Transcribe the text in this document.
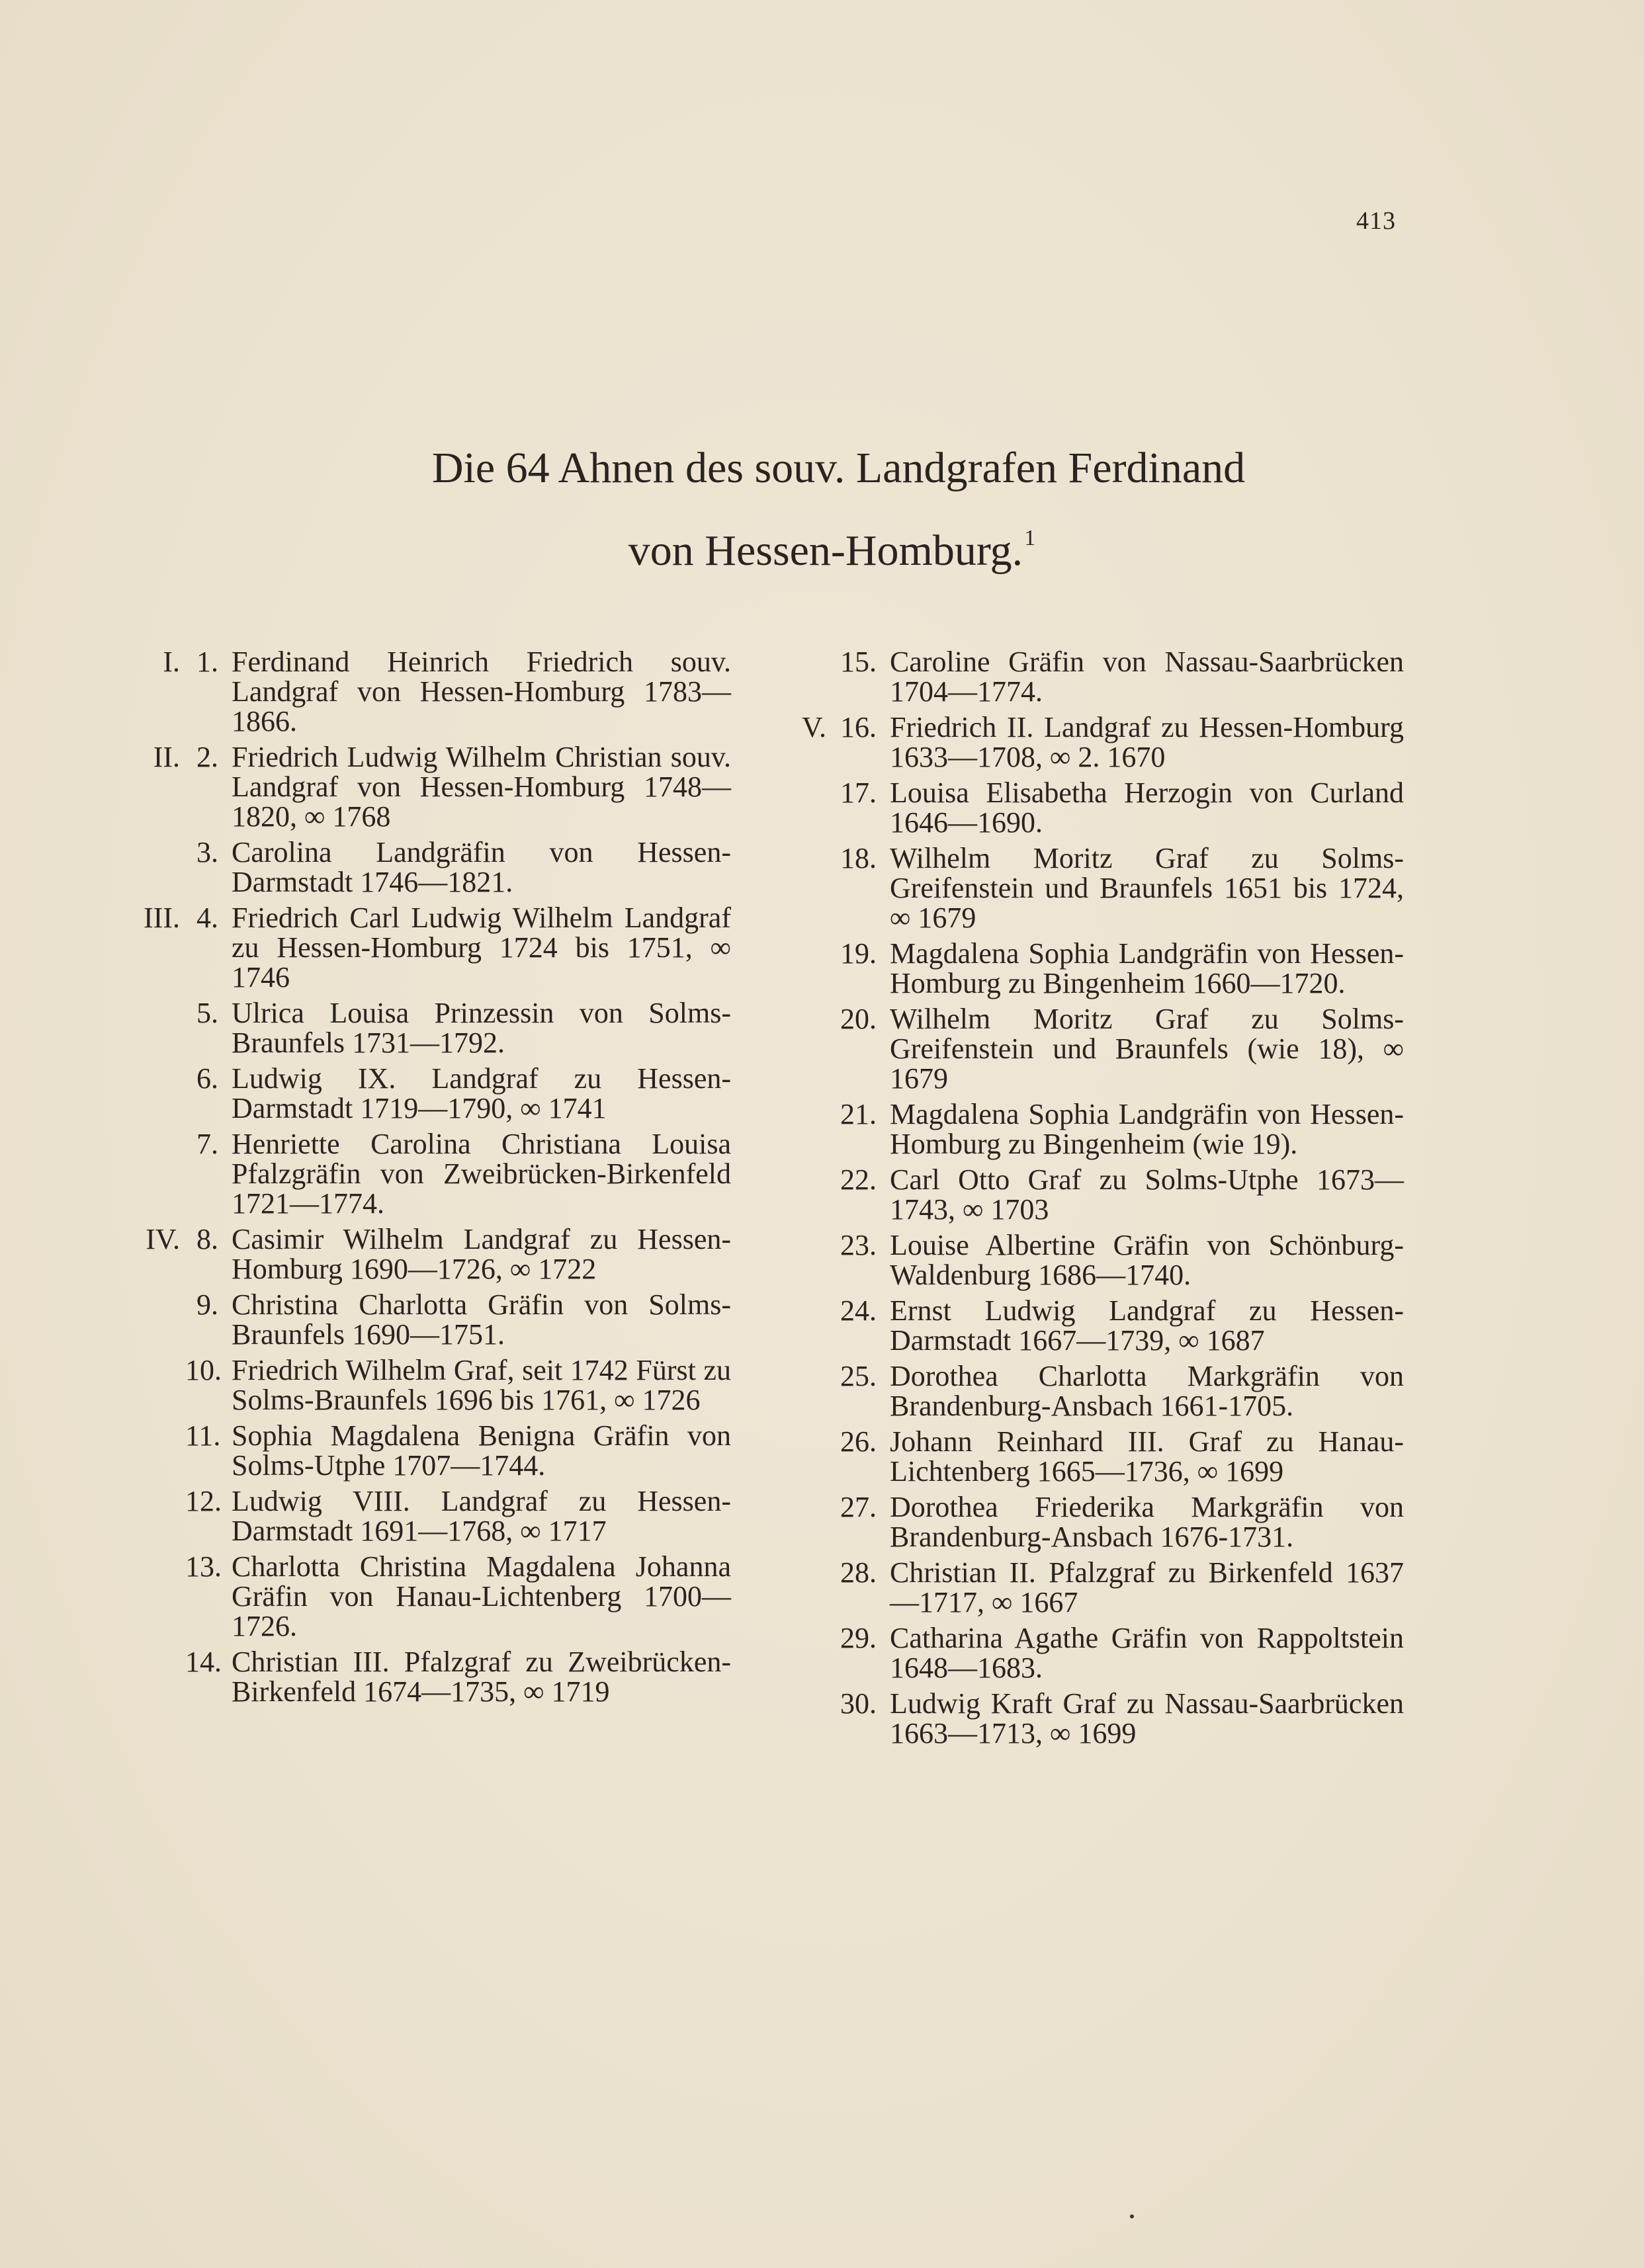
413
Die 64 Ahnen des souv. Landgrafen Ferdinand
von Hessen-Homburg.$^1$
I. 1. Ferdinand Heinrich Friedrich souv. Landgraf von Hessen-Homburg 1783—1866.
II. 2. Friedrich Ludwig Wilhelm Christian souv. Landgraf von Hessen-Homburg 1748—1820, ∞ 1768
3. Carolina Landgräfin von Hessen-Darmstadt 1746—1821.
III. 4. Friedrich Carl Ludwig Wilhelm Landgraf zu Hessen-Homburg 1724 bis 1751, ∞ 1746
5. Ulrica Louisa Prinzessin von Solms-Braunfels 1731—1792.
6. Ludwig IX. Landgraf zu Hessen-Darmstadt 1719—1790, ∞ 1741
7. Henriette Carolina Christiana Louisa Pfalzgräfin von Zweibrücken-Birkenfeld 1721—1774.
IV. 8. Casimir Wilhelm Landgraf zu Hessen-Homburg 1690—1726, ∞ 1722
9. Christina Charlotta Gräfin von Solms-Braunfels 1690—1751.
10. Friedrich Wilhelm Graf, seit 1742 Fürst zu Solms-Braunfels 1696 bis 1761, ∞ 1726
11. Sophia Magdalena Benigna Gräfin von Solms-Utphe 1707—1744.
12. Ludwig VIII. Landgraf zu Hessen-Darmstadt 1691—1768, ∞ 1717
13. Charlotta Christina Magdalena Johanna Gräfin von Hanau-Lichtenberg 1700—1726.
14. Christian III. Pfalzgraf zu Zweibrücken-Birkenfeld 1674—1735, ∞ 1719
15. Caroline Gräfin von Nassau-Saarbrücken 1704—1774.
V. 16. Friedrich II. Landgraf zu Hessen-Homburg 1633—1708, ∞ 2. 1670
17. Louisa Elisabetha Herzogin von Curland 1646—1690.
18. Wilhelm Moritz Graf zu Solms-Greifenstein und Braunfels 1651 bis 1724, ∞ 1679
19. Magdalena Sophia Landgräfin von Hessen-Homburg zu Bingenheim 1660—1720.
20. Wilhelm Moritz Graf zu Solms-Greifenstein und Braunfels (wie 18), ∞ 1679
21. Magdalena Sophia Landgräfin von Hessen-Homburg zu Bingenheim (wie 19).
22. Carl Otto Graf zu Solms-Utphe 1673—1743, ∞ 1703
23. Louise Albertine Gräfin von Schönburg-Waldenburg 1686—1740.
24. Ernst Ludwig Landgraf zu Hessen-Darmstadt 1667—1739, ∞ 1687
25. Dorothea Charlotta Markgräfin von Brandenburg-Ansbach 1661-1705.
26. Johann Reinhard III. Graf zu Hanau-Lichtenberg 1665—1736, ∞ 1699
27. Dorothea Friederika Markgräfin von Brandenburg-Ansbach 1676-1731.
28. Christian II. Pfalzgraf zu Birkenfeld 1637—1717, ∞ 1667
29. Catharina Agathe Gräfin von Rappoltstein 1648—1683.
30. Ludwig Kraft Graf zu Nassau-Saarbrücken 1663—1713, ∞ 1699
